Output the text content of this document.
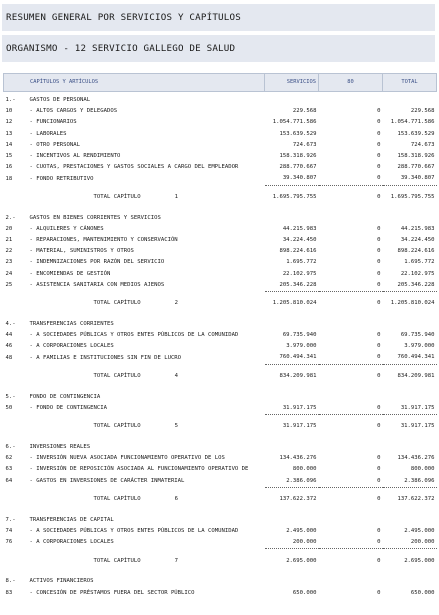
RESUMEN GENERAL POR SERVICIOS Y CAPÍTULOS
ORGANISMO - 12 SERVICIO GALLEGO DE SALUD
CAPÍTULOS Y ARTÍCULOS		SERVICIOS	80	TOTAL

1.-	GASTOS DE PERSONAL			
10	- ALTOS CARGOS Y DELEGADOS	229.568	0	229.568
12	- FUNCIONARIOS	1.054.771.586	0	1.054.771.586
13	- LABORALES	153.639.529	0	153.639.529
14	- OTRO PERSONAL	724.673	0	724.673
15	- INCENTIVOS AL RENDIMIENTO	158.318.926	0	158.318.926
16	- CUOTAS, PRESTACIONES Y GASTOS SOCIALES A CARGO DEL EMPLEADOR	288.770.667	0	288.770.667
18	- FONDO RETRIBUTIVO	39.340.807	0	39.340.807
	TOTAL CAPÍTULO 1	1.695.795.755	0	1.695.795.755

2.-	GASTOS EN BIENES CORRIENTES Y SERVICIOS			
20	- ALQUILERES Y CÁNONES	44.215.983	0	44.215.983
21	- REPARACIONES, MANTENIMIENTO Y CONSERVACIÓN	34.224.450	0	34.224.450
22	- MATERIAL, SUMINISTROS Y OTROS	898.224.616	0	898.224.616
23	- INDEMNIZACIONES POR RAZÓN DEL SERVICIO	1.695.772	0	1.695.772
24	- ENCOMIENDAS DE GESTIÓN	22.102.975	0	22.102.975
25	- ASISTENCIA SANITARIA CON MEDIOS AJENOS	205.346.228	0	205.346.228
	TOTAL CAPÍTULO 2	1.205.810.024	0	1.205.810.024

4.-	TRANSFERENCIAS CORRIENTES			
44	- A SOCIEDADES PÚBLICAS Y OTROS ENTES PÚBLICOS DE LA COMUNIDAD	69.735.940	0	69.735.940
46	- A CORPORACIONES LOCALES	3.979.000	0	3.979.000
48	- A FAMILIAS E INSTITUCIONES SIN FIN DE LUCRO	760.494.341	0	760.494.341
	TOTAL CAPÍTULO 4	834.209.981	0	834.209.981

5.-	FONDO DE CONTINGENCIA			
50	- FONDO DE CONTINGENCIA	31.917.175	0	31.917.175
	TOTAL CAPÍTULO 5	31.917.175	0	31.917.175

6.-	INVERSIONES REALES			
62	- INVERSIÓN NUEVA ASOCIADA FUNCIONAMIENTO OPERATIVO DE LOS	134.436.276	0	134.436.276
63	- INVERSIÓN DE REPOSICIÓN ASOCIADA AL FUNCIONAMIENTO OPERATIVO DE	800.000	0	800.000
64	- GASTOS EN INVERSIONES DE CARÁCTER INMATERIAL	2.386.096	0	2.386.096
	TOTAL CAPÍTULO 6	137.622.372	0	137.622.372

7.-	TRANSFERENCIAS DE CAPITAL			
74	- A SOCIEDADES PÚBLICAS Y OTROS ENTES PÚBLICOS DE LA COMUNIDAD	2.495.000	0	2.495.000
76	- A CORPORACIONES LOCALES	200.000	0	200.000
	TOTAL CAPÍTULO 7	2.695.000	0	2.695.000

8.-	ACTIVOS FINANCIEROS			
83	- CONCESIÓN DE PRÉSTAMOS FUERA DEL SECTOR PÚBLICO	650.000	0	650.000
